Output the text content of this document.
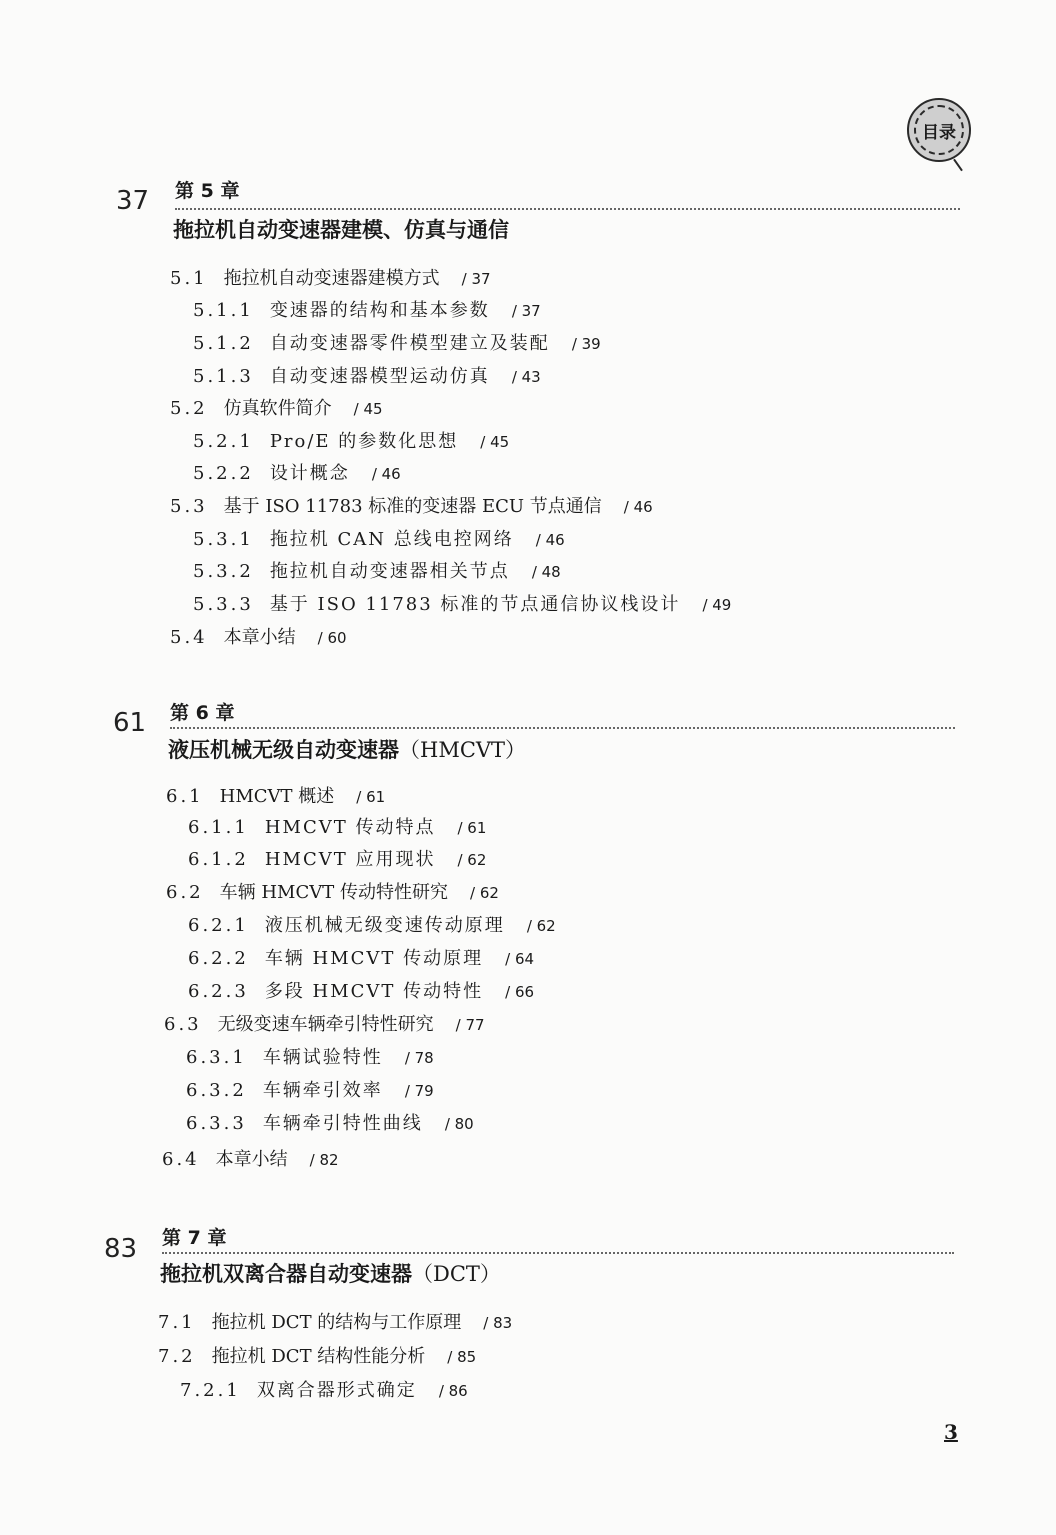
目录
37 第 5 章
拖拉机自动变速器建模、仿真与通信
5.1 拖拉机自动变速器建模方式 / 37
5.1.1 变速器的结构和基本参数 / 37
5.1.2 自动变速器零件模型建立及装配 / 39
5.1.3 自动变速器模型运动仿真 / 43
5.2 仿真软件简介 / 45
5.2.1 Pro/E 的参数化思想 / 45
5.2.2 设计概念 / 46
5.3 基于 ISO 11783 标准的变速器 ECU 节点通信 / 46
5.3.1 拖拉机 CAN 总线电控网络 / 46
5.3.2 拖拉机自动变速器相关节点 / 48
5.3.3 基于 ISO 11783 标准的节点通信协议栈设计 / 49
5.4 本章小结 / 60
61 第 6 章
液压机械无级自动变速器（HMCVT）
6.1 HMCVT 概述 / 61
6.1.1 HMCVT 传动特点 / 61
6.1.2 HMCVT 应用现状 / 62
6.2 车辆 HMCVT 传动特性研究 / 62
6.2.1 液压机械无级变速传动原理 / 62
6.2.2 车辆 HMCVT 传动原理 / 64
6.2.3 多段 HMCVT 传动特性 / 66
6.3 无级变速车辆牵引特性研究 / 77
6.3.1 车辆试验特性 / 78
6.3.2 车辆牵引效率 / 79
6.3.3 车辆牵引特性曲线 / 80
6.4 本章小结 / 82
83 第 7 章
拖拉机双离合器自动变速器（DCT）
7.1 拖拉机 DCT 的结构与工作原理 / 83
7.2 拖拉机 DCT 结构性能分析 / 85
7.2.1 双离合器形式确定 / 86
3
